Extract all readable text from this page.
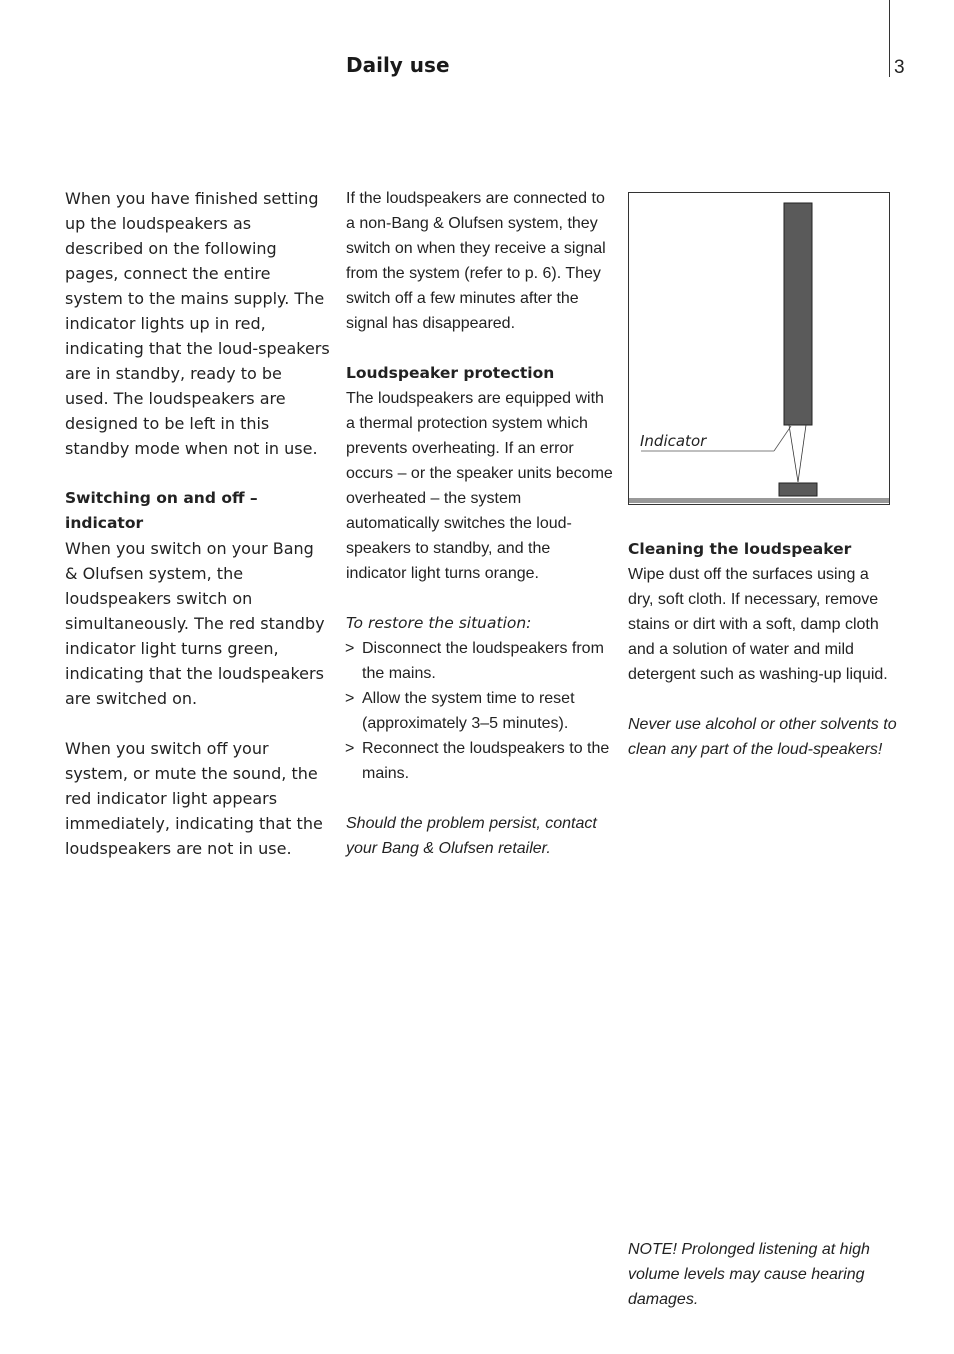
Daily use	3

When you have finished setting up the loudspeakers as described on the following pages, connect the entire system to the mains supply. The indicator lights up in red, indicating that the loud-speakers are in standby, ready to be used. The loudspeakers are designed to be left in this standby mode when not in use.

Switching on and off – indicator

When you switch on your Bang & Olufsen system, the loudspeakers switch on simultaneously. The red standby indicator light turns green, indicating that the loudspeakers are switched on.

When you switch off your system, or mute the sound, the red indicator light appears immediately, indicating that the loudspeakers are not in use.

If the loudspeakers are connected to a non-Bang & Olufsen system, they switch on when they receive a signal from the system (refer to p. 6). They switch off a few minutes after the signal has disappeared.

Loudspeaker protection

The loudspeakers are equipped with a thermal protection system which prevents overheating. If an error occurs – or the speaker units become overheated – the system automatically switches the loud-speakers to standby, and the indicator light turns orange.

To restore the situation:

> Disconnect the loudspeakers from the mains.
> Allow the system time to reset (approximately 3–5 minutes).
> Reconnect the loudspeakers to the mains.

Should the problem persist, contact your Bang & Olufsen retailer.

Indicator

Cleaning the loudspeaker

Wipe dust off the surfaces using a dry, soft cloth. If necessary, remove stains or dirt with a soft, damp cloth and a solution of water and mild detergent such as washing-up liquid.

Never use alcohol or other solvents to clean any part of the loud-speakers!

NOTE! Prolonged listening at high volume levels may cause hearing damages.
